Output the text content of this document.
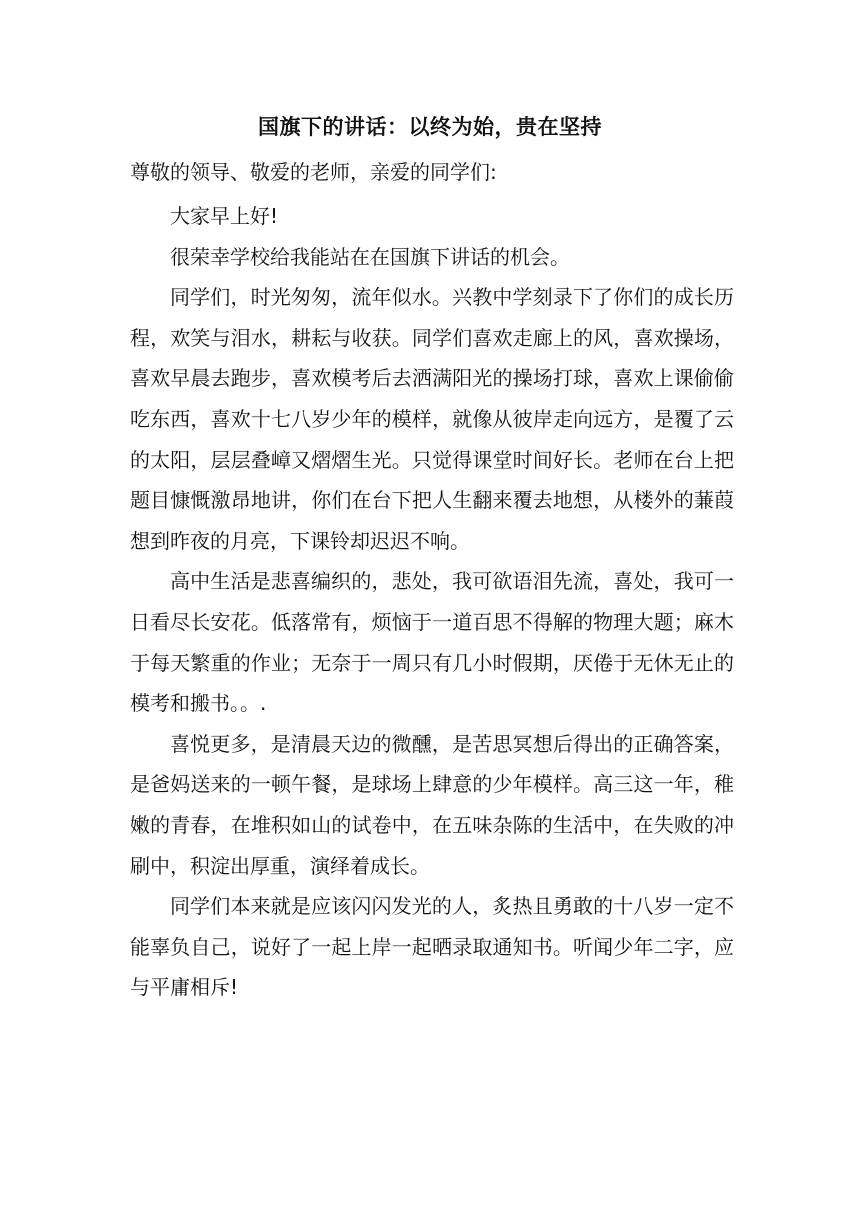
国旗下的讲话：以终为始，贵在坚持
尊敬的领导、敬爱的老师，亲爱的同学们:

大家早上好!

很荣幸学校给我能站在在国旗下讲话的机会。

同学们，时光匆匆，流年似水。兴教中学刻录下了你们的成长历程，欢笑与泪水，耕耘与收获。同学们喜欢走廊上的风，喜欢操场，喜欢早晨去跑步，喜欢模考后去洒满阳光的操场打球，喜欢上课偷偷吃东西，喜欢十七八岁少年的模样，就像从彼岸走向远方，是覆了云的太阳，层层叠嶂又熠熠生光。只觉得课堂时间好长。老师在台上把题目慷慨激昂地讲，你们在台下把人生翻来覆去地想，从楼外的蒹葭想到昨夜的月亮，下课铃却迟迟不响。

高中生活是悲喜编织的，悲处，我可欲语泪先流，喜处，我可一日看尽长安花。低落常有，烦恼于一道百思不得解的物理大题；麻木于每天繁重的作业；无奈于一周只有几小时假期，厌倦于无休无止的模考和搬书。。.

喜悦更多，是清晨天边的微醺，是苦思冥想后得出的正确答案，是爸妈送来的一顿午餐，是球场上肆意的少年模样。高三这一年，稚嫩的青春，在堆积如山的试卷中，在五味杂陈的生活中，在失败的冲刷中，积淀出厚重，演绎着成长。

同学们本来就是应该闪闪发光的人，炙热且勇敢的十八岁一定不能辜负自己，说好了一起上岸一起晒录取通知书。听闻少年二字，应与平庸相斥!
